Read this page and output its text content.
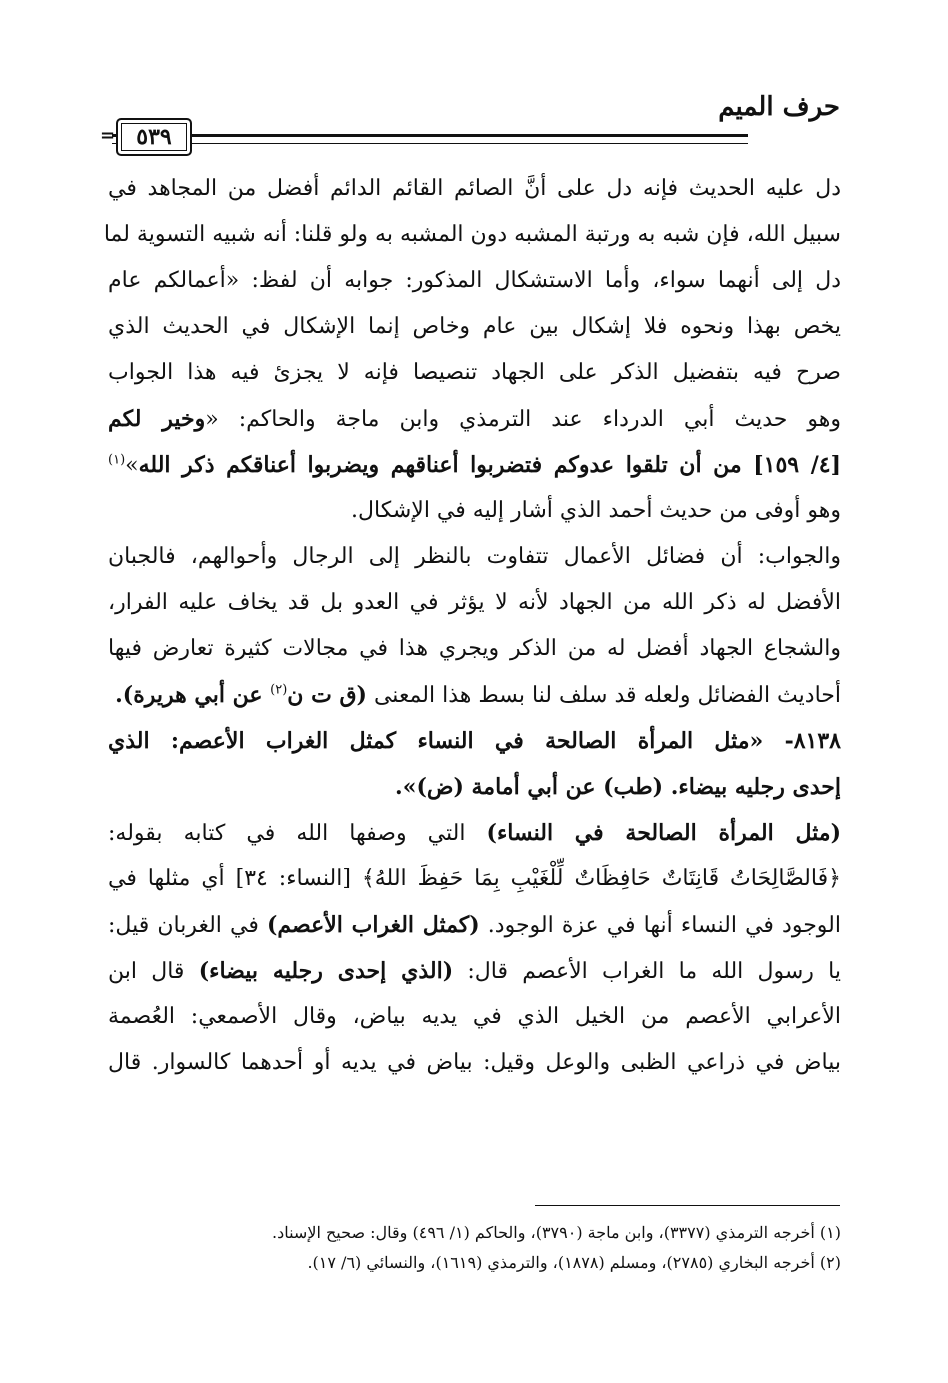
حرف الميم
٥٣٩
=
دل عليه الحديث فإنه دل على أنَّ الصائم القائم الدائم أفضل من المجاهد في
سبيل الله، فإن شبه به ورتبة المشبه دون المشبه به ولو قلنا: أنه شبيه التسوية لما
دل إلى أنهما سواء، وأما الاستشكال المذكور: جوابه أن لفظ: «أعمالكم عام
يخص بهذا ونحوه فلا إشكال بين عام وخاص إنما الإشكال في الحديث الذي
صرح فيه بتفضيل الذكر على الجهاد تنصيصا فإنه لا يجزئ فيه هذا الجواب
وهو حديث أبي الدرداء عند الترمذي وابن ماجة والحاكم: «وخير لكم
[٤/ ١٥٩] من أن تلقوا عدوكم فتضربوا أعناقهم ويضربوا أعناقكم ذكر الله»$^{(١)}$
وهو أوفى من حديث أحمد الذي أشار إليه في الإشكال.
والجواب: أن فضائل الأعمال تتفاوت بالنظر إلى الرجال وأحوالهم، فالجبان
الأفضل له ذكر الله من الجهاد لأنه لا يؤثر في العدو بل قد يخاف عليه الفرار،
والشجاع الجهاد أفضل له من الذكر ويجري هذا في مجالات كثيرة تعارض فيها
أحاديث الفضائل ولعله قد سلف لنا بسط هذا المعنى (ق ت ن$^{(٢)}$ عن أبي هريرة).
٨١٣٨- «مثل المرأة الصالحة في النساء كمثل الغراب الأعصم: الذي
إحدى رجليه بيضاء. (طب) عن أبي أمامة (ض)».
(مثل المرأة الصالحة في النساء) التي وصفها الله في كتابه بقوله:
﴿فَالصَّالِحَاتُ قَانِتَاتٌ حَافِظَاتٌ لِّلْغَيْبِ بِمَا حَفِظَ اللهُ﴾ [النساء: ٣٤] أي مثلها في
الوجود في النساء أنها في عزة الوجود. (كمثل الغراب الأعصم) في الغربان قيل:
يا رسول الله ما الغراب الأعصم قال: (الذي إحدى رجليه بيضاء) قال ابن
الأعرابي الأعصم من الخيل الذي في يديه بياض، وقال الأصمعي: العُصمة
بياض في ذراعي الظبى والوعل وقيل: بياض في يديه أو أحدهما كالسوار. قال
(١) أخرجه الترمذي (٣٣٧٧)، وابن ماجة (٣٧٩٠)، والحاكم (١/ ٤٩٦) وقال: صحيح الإسناد.
(٢) أخرجه البخاري (٢٧٨٥)، ومسلم (١٨٧٨)، والترمذي (١٦١٩)، والنسائي (٦/ ١٧).
